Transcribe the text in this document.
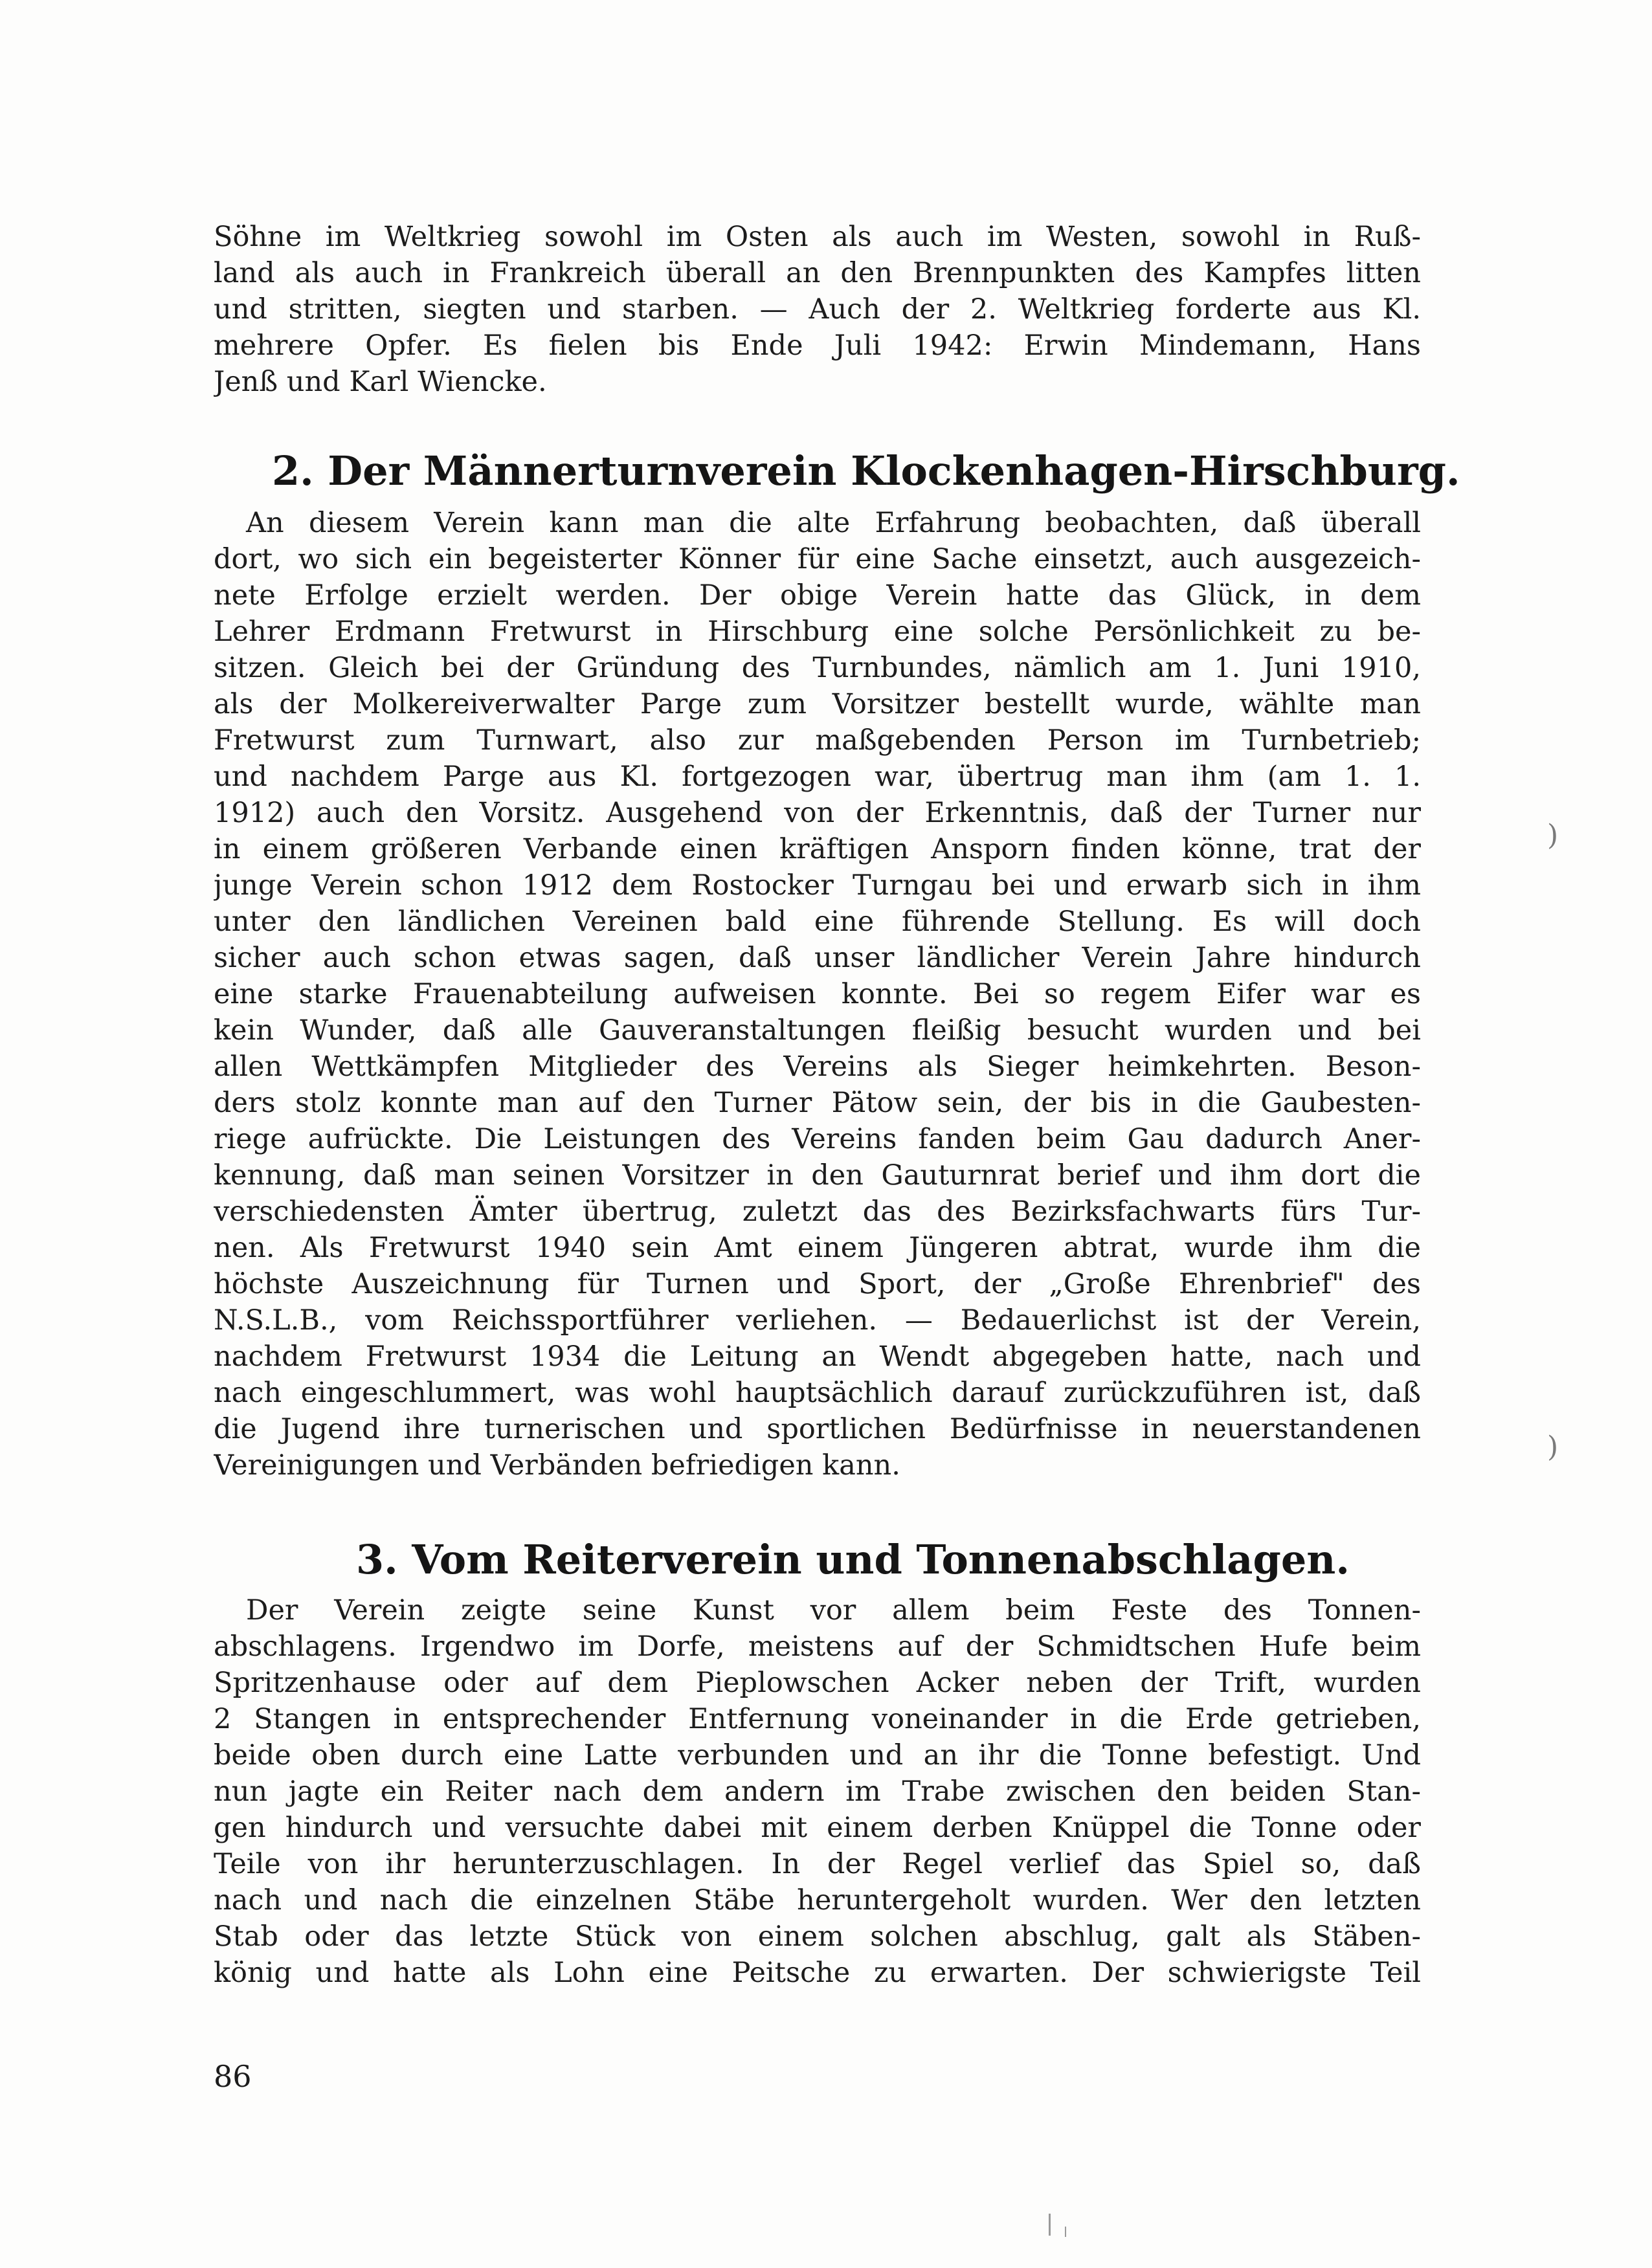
Söhne im Weltkrieg sowohl im Osten als auch im Westen, sowohl in Ruß-
land als auch in Frankreich überall an den Brennpunkten des Kampfes litten
und stritten, siegten und starben. — Auch der 2. Weltkrieg forderte aus Kl.
mehrere Opfer. Es fielen bis Ende Juli 1942: Erwin Mindemann, Hans
Jenß und Karl Wiencke.
2. Der Männerturnverein Klockenhagen-Hirschburg.
An diesem Verein kann man die alte Erfahrung beobachten, daß überall
dort, wo sich ein begeisterter Könner für eine Sache einsetzt, auch ausgezeich-
nete Erfolge erzielt werden. Der obige Verein hatte das Glück, in dem
Lehrer Erdmann Fretwurst in Hirschburg eine solche Persönlichkeit zu be-
sitzen. Gleich bei der Gründung des Turnbundes, nämlich am 1. Juni 1910,
als der Molkereiverwalter Parge zum Vorsitzer bestellt wurde, wählte man
Fretwurst zum Turnwart, also zur maßgebenden Person im Turnbetrieb;
und nachdem Parge aus Kl. fortgezogen war, übertrug man ihm (am 1. 1.
1912) auch den Vorsitz. Ausgehend von der Erkenntnis, daß der Turner nur
in einem größeren Verbande einen kräftigen Ansporn finden könne, trat der
junge Verein schon 1912 dem Rostocker Turngau bei und erwarb sich in ihm
unter den ländlichen Vereinen bald eine führende Stellung. Es will doch
sicher auch schon etwas sagen, daß unser ländlicher Verein Jahre hindurch
eine starke Frauenabteilung aufweisen konnte. Bei so regem Eifer war es
kein Wunder, daß alle Gauveranstaltungen fleißig besucht wurden und bei
allen Wettkämpfen Mitglieder des Vereins als Sieger heimkehrten. Beson-
ders stolz konnte man auf den Turner Pätow sein, der bis in die Gaubesten-
riege aufrückte. Die Leistungen des Vereins fanden beim Gau dadurch Aner-
kennung, daß man seinen Vorsitzer in den Gauturnrat berief und ihm dort die
verschiedensten Ämter übertrug, zuletzt das des Bezirksfachwarts fürs Tur-
nen. Als Fretwurst 1940 sein Amt einem Jüngeren abtrat, wurde ihm die
höchste Auszeichnung für Turnen und Sport, der „Große Ehrenbrief" des
N.S.L.B., vom Reichssportführer verliehen. — Bedauerlichst ist der Verein,
nachdem Fretwurst 1934 die Leitung an Wendt abgegeben hatte, nach und
nach eingeschlummert, was wohl hauptsächlich darauf zurückzuführen ist, daß
die Jugend ihre turnerischen und sportlichen Bedürfnisse in neuerstandenen
Vereinigungen und Verbänden befriedigen kann.
3. Vom Reiterverein und Tonnenabschlagen.
Der Verein zeigte seine Kunst vor allem beim Feste des Tonnen-
abschlagens. Irgendwo im Dorfe, meistens auf der Schmidtschen Hufe beim
Spritzenhause oder auf dem Pieplowschen Acker neben der Trift, wurden
2 Stangen in entsprechender Entfernung voneinander in die Erde getrieben,
beide oben durch eine Latte verbunden und an ihr die Tonne befestigt. Und
nun jagte ein Reiter nach dem andern im Trabe zwischen den beiden Stan-
gen hindurch und versuchte dabei mit einem derben Knüppel die Tonne oder
Teile von ihr herunterzuschlagen. In der Regel verlief das Spiel so, daß
nach und nach die einzelnen Stäbe heruntergeholt wurden. Wer den letzten
Stab oder das letzte Stück von einem solchen abschlug, galt als Stäben-
könig und hatte als Lohn eine Peitsche zu erwarten. Der schwierigste Teil
86
)
)
